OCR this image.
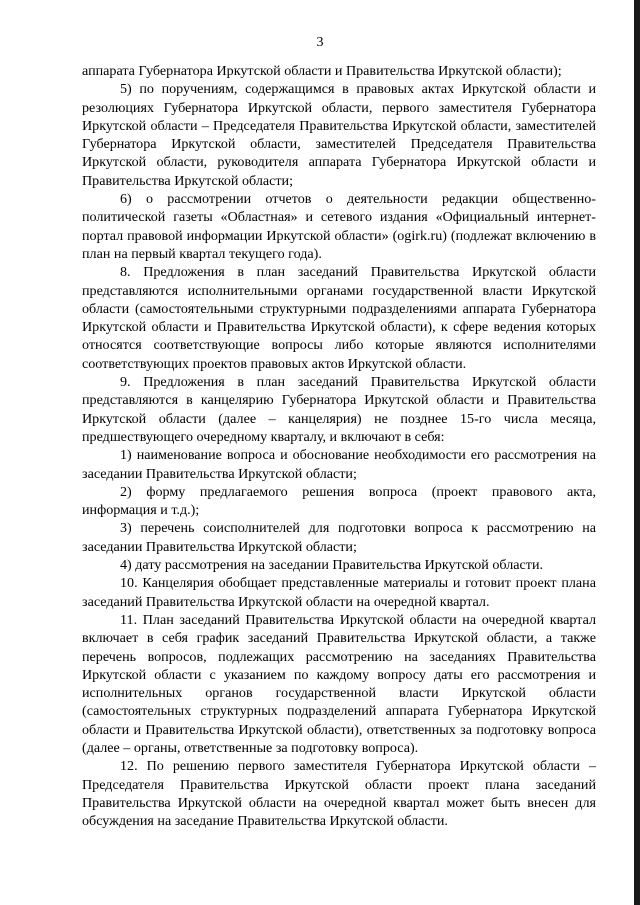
3

аппарата Губернатора Иркутской области и Правительства Иркутской области);

5) по поручениям, содержащимся в правовых актах Иркутской области и резолюциях Губернатора Иркутской области, первого заместителя Губернатора Иркутской области – Председателя Правительства Иркутской области, заместителей Губернатора Иркутской области, заместителей Председателя Правительства Иркутской области, руководителя аппарата Губернатора Иркутской области и Правительства Иркутской области;

6) о рассмотрении отчетов о деятельности редакции общественно-политической газеты «Областная» и сетевого издания «Официальный интернет-портал правовой информации Иркутской области» (ogirk.ru) (подлежат включению в план на первый квартал текущего года).

8. Предложения в план заседаний Правительства Иркутской области представляются исполнительными органами государственной власти Иркутской области (самостоятельными структурными подразделениями аппарата Губернатора Иркутской области и Правительства Иркутской области), к сфере ведения которых относятся соответствующие вопросы либо которые являются исполнителями соответствующих проектов правовых актов Иркутской области.

9. Предложения в план заседаний Правительства Иркутской области представляются в канцелярию Губернатора Иркутской области и Правительства Иркутской области (далее – канцелярия) не позднее 15-го числа месяца, предшествующего очередному кварталу, и включают в себя:

1) наименование вопроса и обоснование необходимости его рассмотрения на заседании Правительства Иркутской области;

2) форму предлагаемого решения вопроса (проект правового акта, информация и т.д.);

3) перечень соисполнителей для подготовки вопроса к рассмотрению на заседании Правительства Иркутской области;

4) дату рассмотрения на заседании Правительства Иркутской области.

10. Канцелярия обобщает представленные материалы и готовит проект плана заседаний Правительства Иркутской области на очередной квартал.

11. План заседаний Правительства Иркутской области на очередной квартал включает в себя график заседаний Правительства Иркутской области, а также перечень вопросов, подлежащих рассмотрению на заседаниях Правительства Иркутской области с указанием по каждому вопросу даты его рассмотрения и исполнительных органов государственной власти Иркутской области (самостоятельных структурных подразделений аппарата Губернатора Иркутской области и Правительства Иркутской области), ответственных за подготовку вопроса (далее – органы, ответственные за подготовку вопроса).

12. По решению первого заместителя Губернатора Иркутской области – Председателя Правительства Иркутской области проект плана заседаний Правительства Иркутской области на очередной квартал может быть внесен для обсуждения на заседание Правительства Иркутской области.
